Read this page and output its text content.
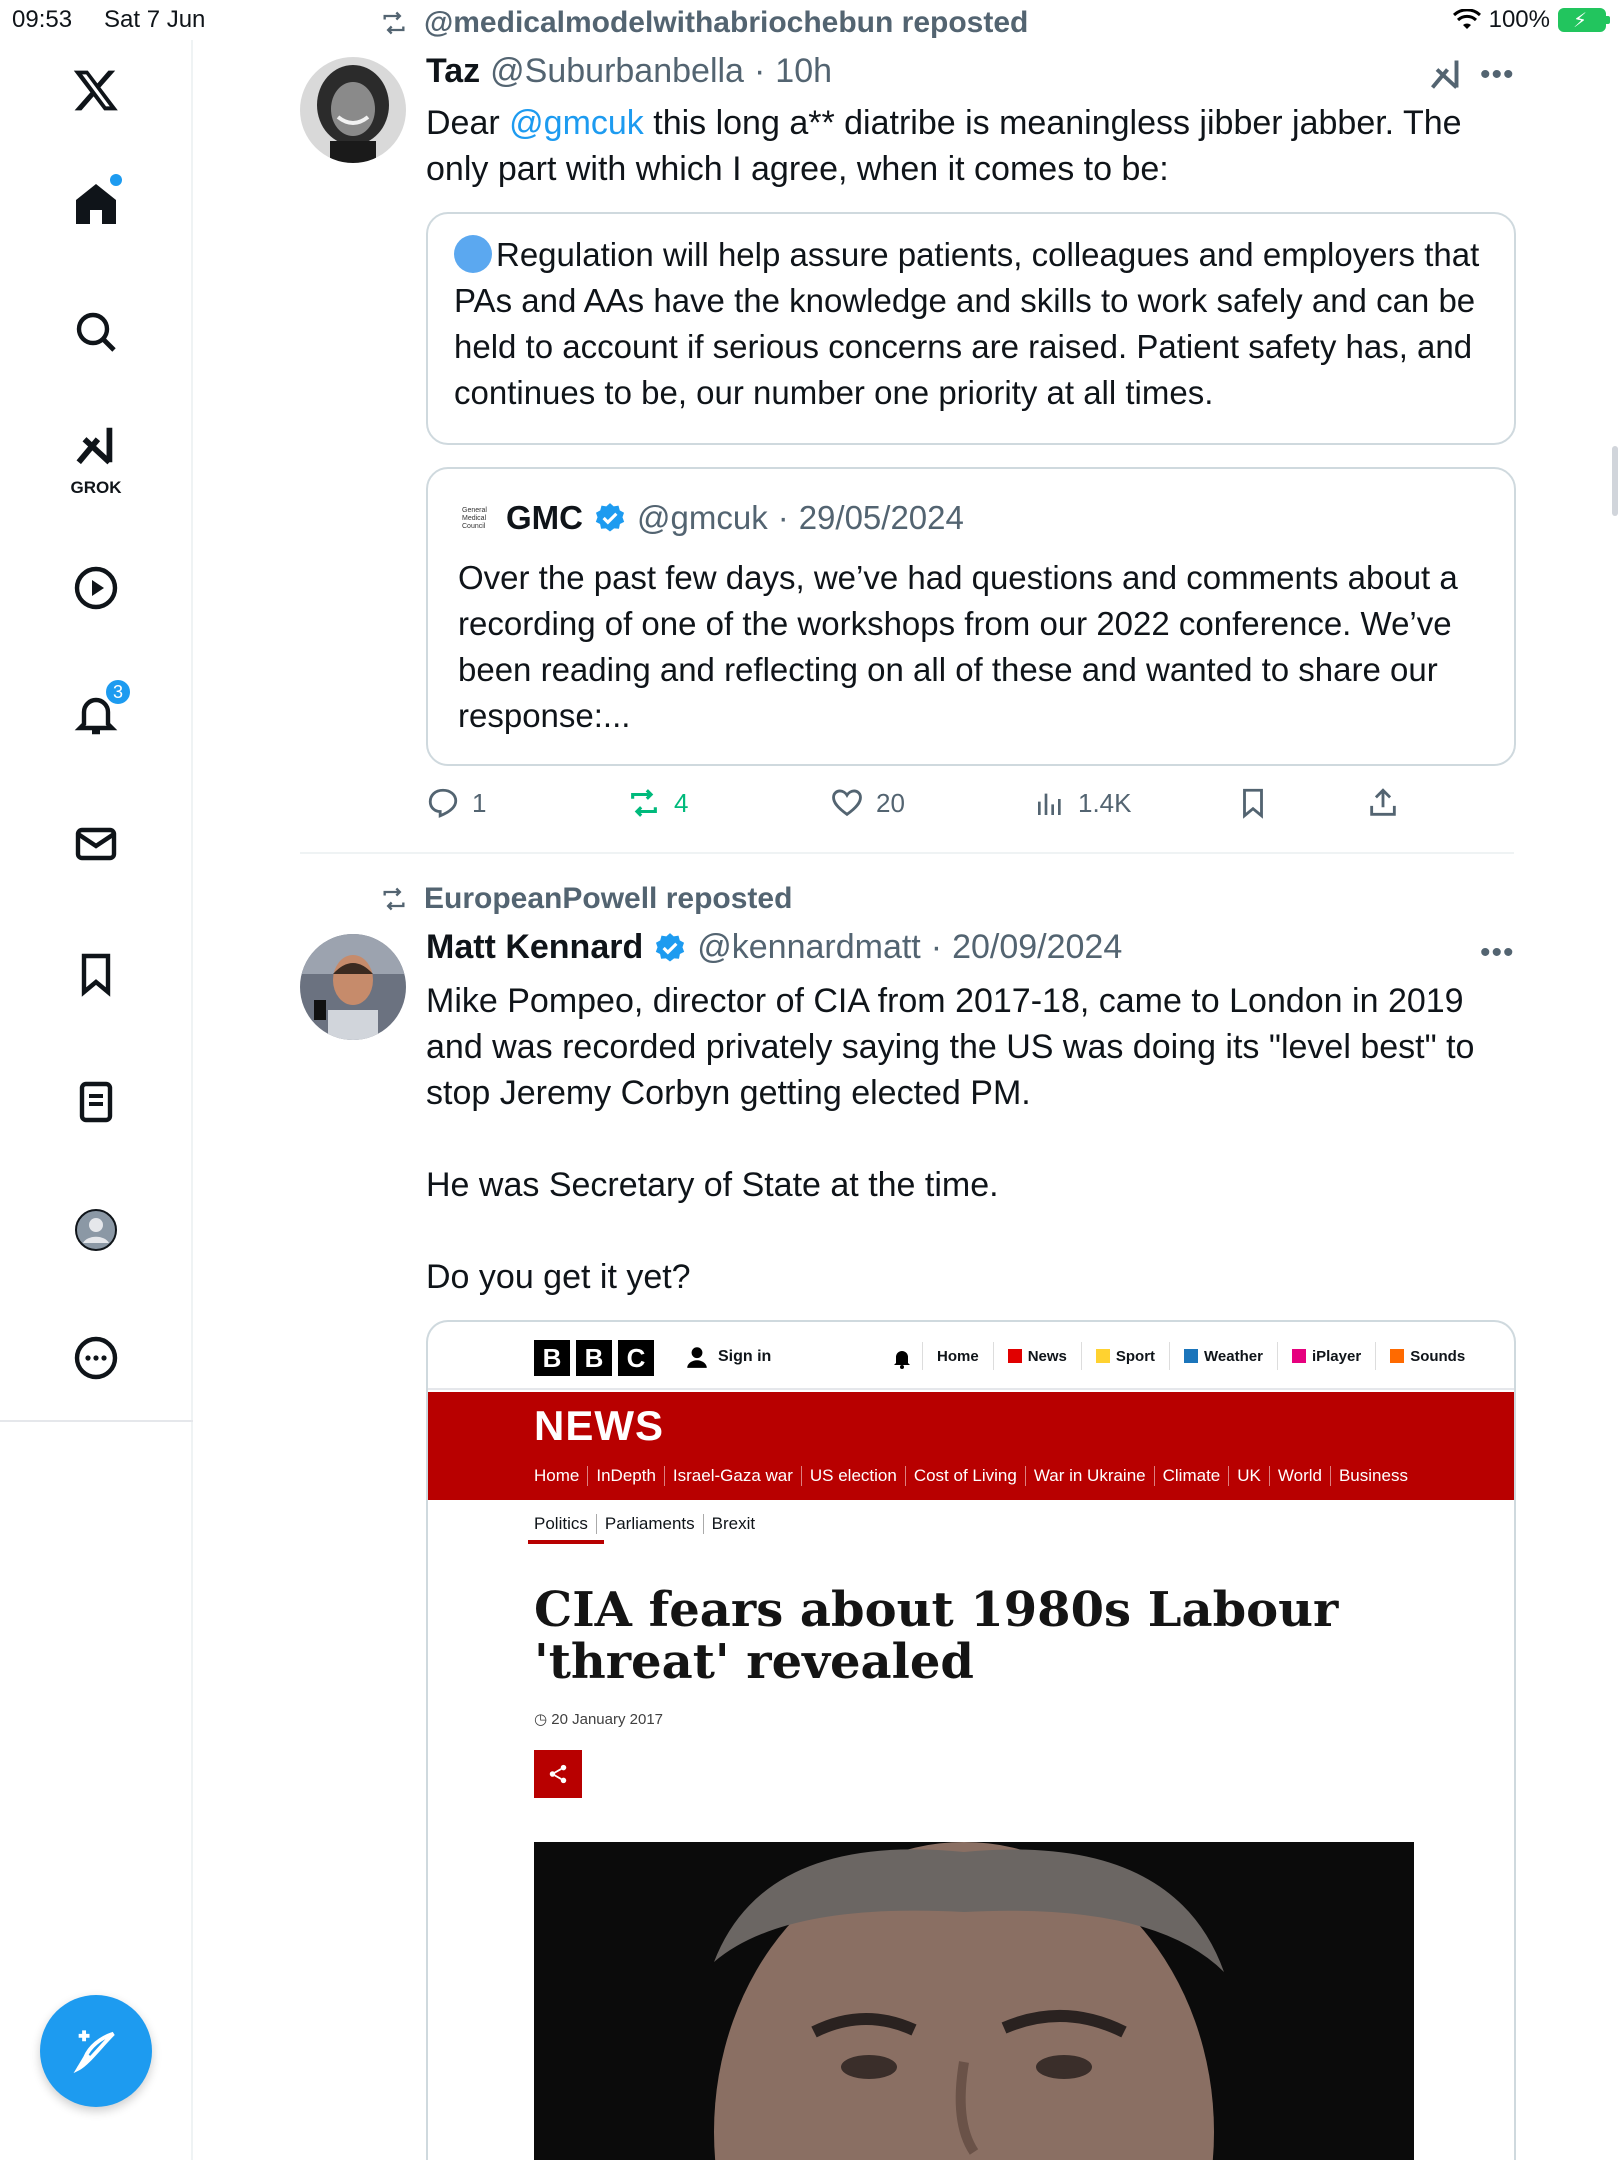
09:53 Sat 7 Jun	100% ⚡
GROK
3
@medicalmodelwithabriochebun reposted
Taz @Suburbanbella · 10h	•••
Dear @gmcuk this long a** diatribe is meaningless jibber jabber. The only part with which I agree, when it comes to be:
Regulation will help assure patients, colleagues and employers that PAs and AAs have the knowledge and skills to work safely and can be held to account if serious concerns are raised. Patient safety has, and continues to be, our number one priority at all times.
General Medical Council GMC @gmcuk · 29/05/2024
Over the past few days, we’ve had questions and comments about a recording of one of the workshops from our 2022 conference. We’ve been reading and reflecting on all of these and wanted to share our response:...
1	4	20	1.4K
EuropeanPowell reposted
Matt Kennard @kennardmatt · 20/09/2024	•••
Mike Pompeo, director of CIA from 2017-18, came to London in 2019 and was recorded privately saying the US was doing its "level best" to stop Jeremy Corbyn getting elected PM.
He was Secretary of State at the time.
Do you get it yet?
B B C	Sign in	Home	News	Sport	Weather	iPlayer	Sounds
NEWS
Home	InDepth	Israel-Gaza war	US election	Cost of Living	War in Ukraine	Climate	UK	World	Business
Politics	Parliaments	Brexit
CIA fears about 1980s Labour 'threat' revealed
◷ 20 January 2017
